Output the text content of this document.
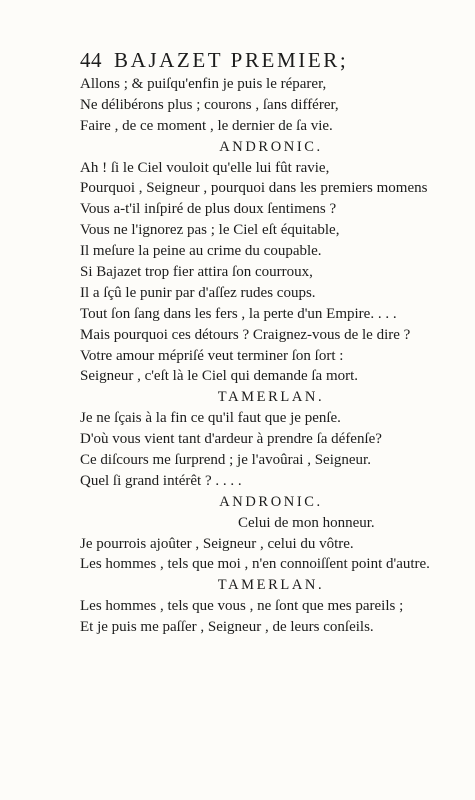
44 BAJAZET PREMIER;
Allons ; & puiſqu'enfin je puis le réparer,
Ne délibérons plus ; courons , ſans différer,
Faire , de ce moment , le dernier de ſa vie.
ANDRONIC.
Ah ! ſi le Ciel vouloit qu'elle lui fût ravie,
Pourquoi , Seigneur , pourquoi dans les premiers momens
Vous a-t'il inſpiré de plus doux ſentimens ?
Vous ne l'ignorez pas ; le Ciel eſt équitable,
Il meſure la peine au crime du coupable.
Si Bajazet trop fier attira ſon courroux,
Il a ſçû le punir par d'aſſez rudes coups.
Tout ſon ſang dans les fers , la perte d'un Empire. . . .
Mais pourquoi ces détours ? Craignez-vous de le dire ?
Votre amour mépriſé veut terminer ſon ſort :
Seigneur , c'eſt là le Ciel qui demande ſa mort.
TAMERLAN.
Je ne ſçais à la fin ce qu'il faut que je penſe.
D'où vous vient tant d'ardeur à prendre ſa défenſe?
Ce diſcours me ſurprend ; je l'avoûrai , Seigneur.
Quel ſi grand intérêt ? . . . .
ANDRONIC.
Celui de mon honneur.
Je pourrois ajoûter , Seigneur , celui du vôtre.
Les hommes , tels que moi , n'en connoiſſent point d'autre.
TAMERLAN.
Les hommes , tels que vous , ne ſont que mes pareils ;
Et je puis me paſſer , Seigneur , de leurs conſeils.
